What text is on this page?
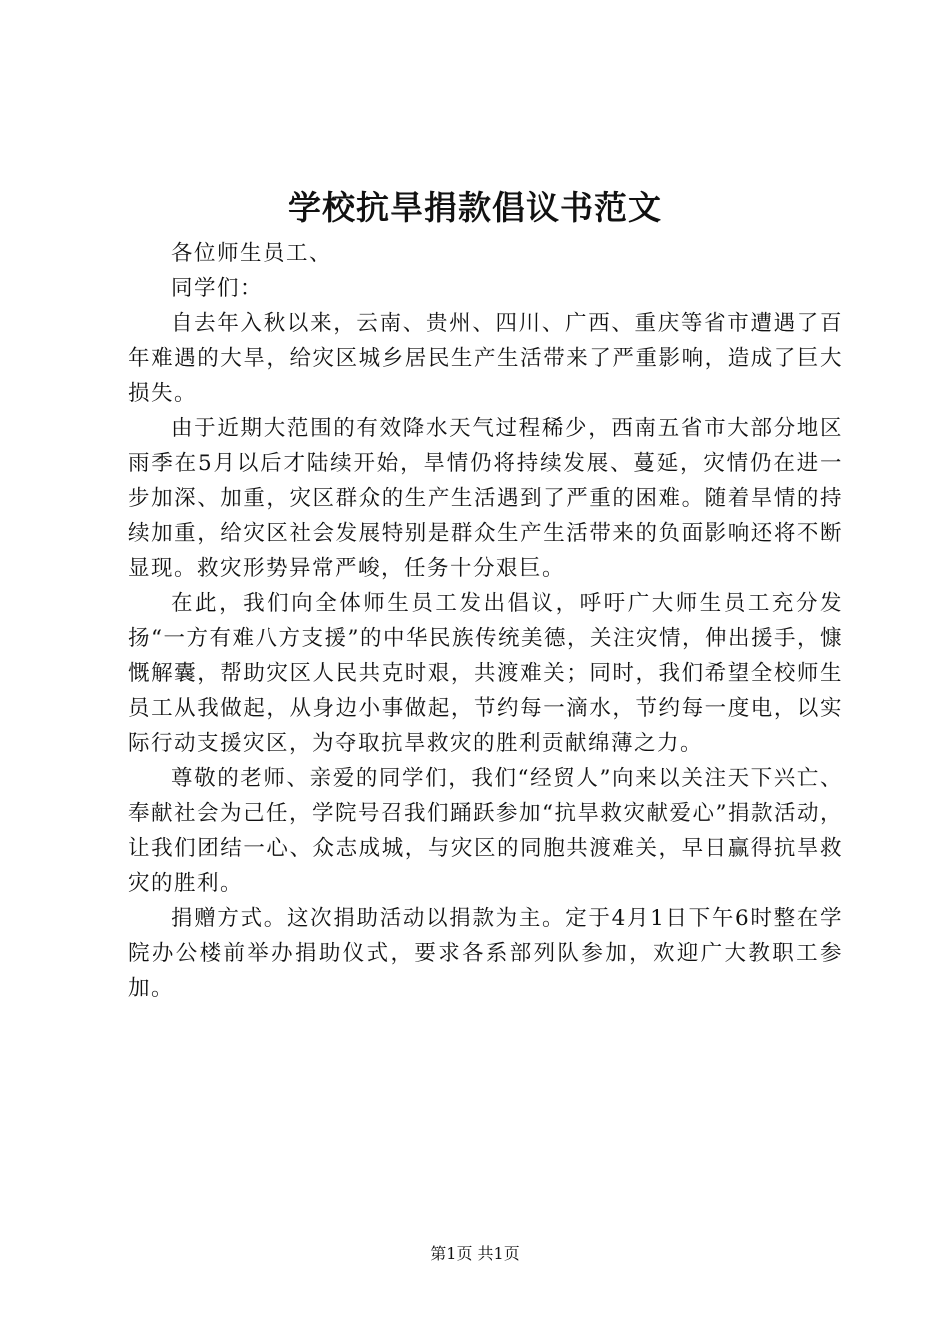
学校抗旱捐款倡议书范文

各位师生员工、

同学们：

自去年入秋以来，云南、贵州、四川、广西、重庆等省市遭遇了百年难遇的大旱，给灾区城乡居民生产生活带来了严重影响，造成了巨大损失。

由于近期大范围的有效降水天气过程稀少，西南五省市大部分地区雨季在5月以后才陆续开始，旱情仍将持续发展、蔓延，灾情仍在进一步加深、加重，灾区群众的生产生活遇到了严重的困难。随着旱情的持续加重，给灾区社会发展特别是群众生产生活带来的负面影响还将不断显现。救灾形势异常严峻，任务十分艰巨。

在此，我们向全体师生员工发出倡议，呼吁广大师生员工充分发扬“一方有难八方支援”的中华民族传统美德，关注灾情，伸出援手，慷慨解囊，帮助灾区人民共克时艰，共渡难关；同时，我们希望全校师生员工从我做起，从身边小事做起，节约每一滴水，节约每一度电，以实际行动支援灾区，为夺取抗旱救灾的胜利贡献绵薄之力。

尊敬的老师、亲爱的同学们，我们“经贸人”向来以关注天下兴亡、奉献社会为己任，学院号召我们踊跃参加“抗旱救灾献爱心”捐款活动，让我们团结一心、众志成城，与灾区的同胞共渡难关，早日赢得抗旱救灾的胜利。

捐赠方式。这次捐助活动以捐款为主。定于4月1日下午6时整在学院办公楼前举办捐助仪式，要求各系部列队参加，欢迎广大教职工参加。

第1页 共1页
